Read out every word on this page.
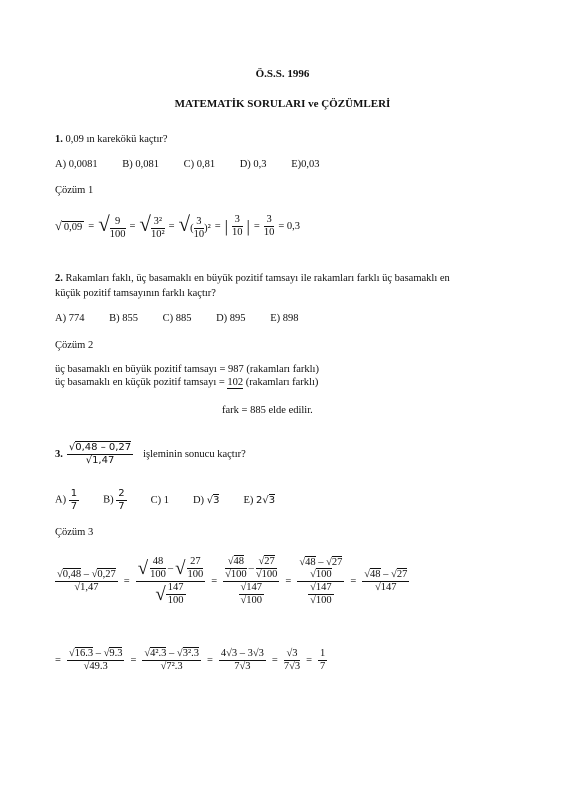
Ö.S.S. 1996
MATEMATİK SORULARI ve ÇÖZÜMLERİ
1. 0,09 ın karekökü kaçtır?
A) 0,0081 B) 0,081 C) 0,81 D) 0,3 E)0,03
Çözüm 1
√ 0,09 = √ $\frac{9}{100}$ = √ $\frac{\text{3²}}{\text{10²}}$ = √( $\frac{3}{10} )^2$ = | $\frac{3}{10}$ | = $\frac{3}{10} = 0,3$
2. Rakamları faklı, üç basamaklı en büyük pozitif tamsayı ile rakamları farklı üç basamaklı en
küçük pozitif tamsayının farklı kaçtır?
A) 774 B) 855 C) 885 D) 895 E) 898
Çözüm 2
üç basamaklı en büyük pozitif tamsayı = 987 (rakamları farklı)
üç basamaklı en küçük pozitif tamsayı = 102 (rakamları farklı)
fark = 885 elde edilir.
3. $\frac{√0,48 - 0,27}{√1,47}$ işleminin sonucu kaçtır?
$A) \frac{1}{7} B) \frac{2}{7} C$) 1 D) √3 E) 2√3
Çözüm 3
$\frac{√0,48 - √0,27}{√1,47} = \frac{√ \frac{48}{100} - √ \frac{27}{100}}{√ \frac{147}{100}} = \frac{\frac{√48}{√100} - \frac{√27}{√100}}{\frac{√147}{√100}} = √48 - √27$
√100
$\frac{√147}{√100} = \frac{√48 - √27}{√147}$
= $\frac{√16.3 - √9.3}{√49.3} = \frac{\text{√4².3 – √3².3}}{\text{√7².3}} = \frac{4√3 - 3√3}{7√3} = \frac{√3}{7√3} = \frac{1}{7}$
